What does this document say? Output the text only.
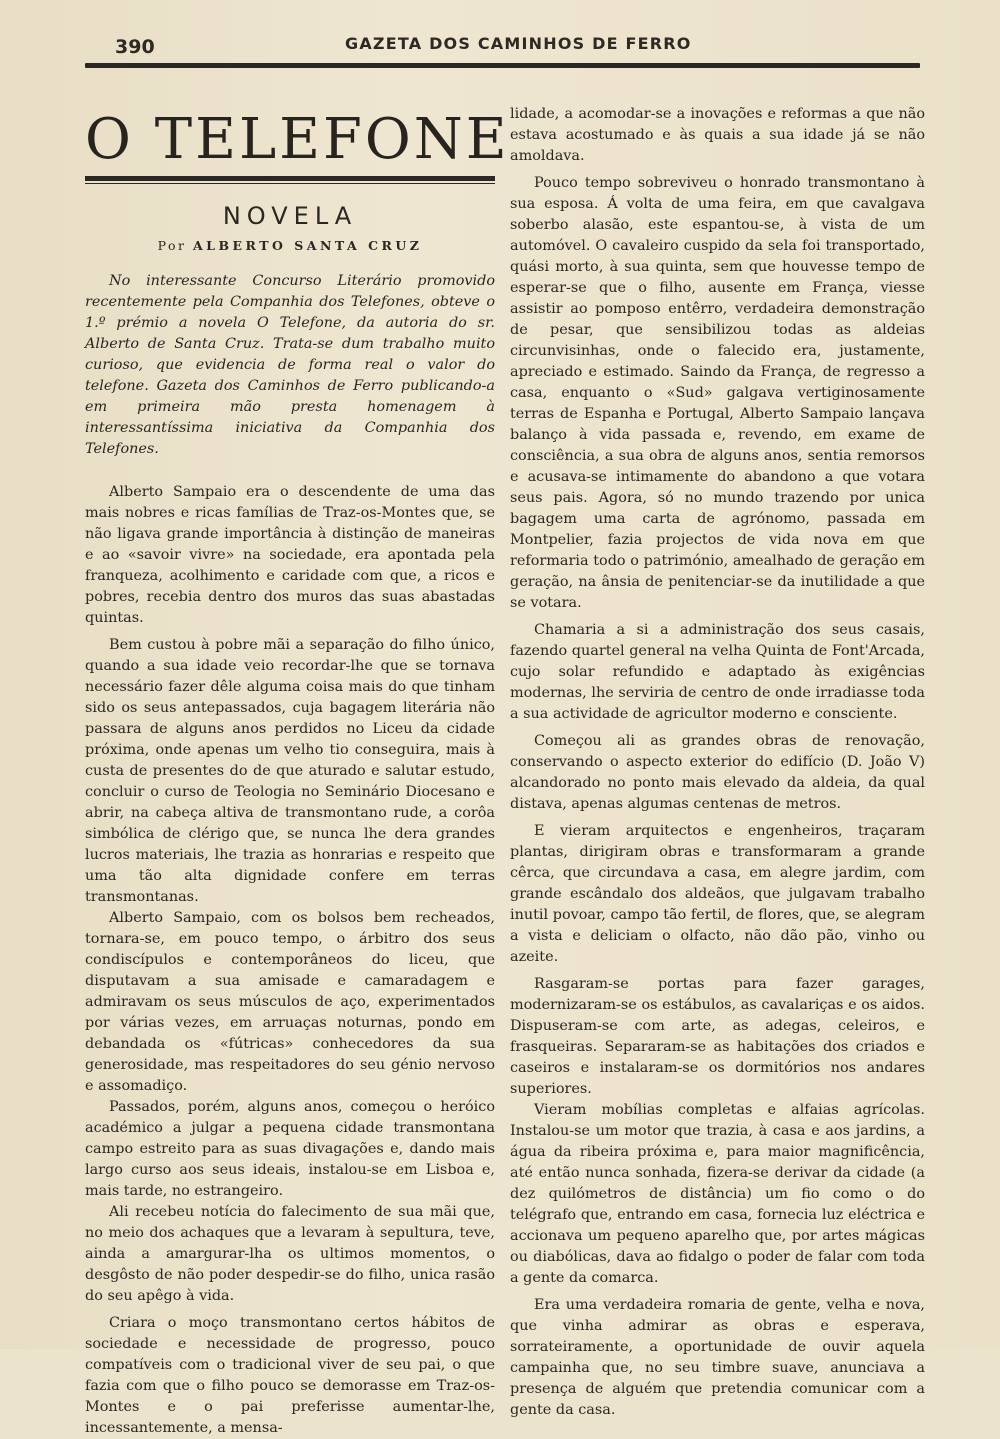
390	GAZETA DOS CAMINHOS DE FERRO
O TELEFONE
NOVELA
Por ALBERTO SANTA CRUZ

No interessante Concurso Literário promovido recentemente pela Companhia dos Telefones, obteve o 1.º prémio a novela O Telefone, da autoria do sr. Alberto de Santa Cruz. Trata-se dum trabalho muito curioso, que evidencia de forma real o valor do telefone. Gazeta dos Caminhos de Ferro publicando-a em primeira mão presta homenagem à interessantíssima iniciativa da Companhia dos Telefones.

Alberto Sampaio era o descendente de uma das mais nobres e ricas famílias de Traz-os-Montes que, se não ligava grande importância à distinção de maneiras e ao «savoir vivre» na sociedade, era apontada pela franqueza, acolhimento e caridade com que, a ricos e pobres, recebia dentro dos muros das suas abastadas quintas.

Bem custou à pobre mãi a separação do filho único, quando a sua idade veio recordar-lhe que se tornava necessário fazer dêle alguma coisa mais do que tinham sido os seus antepassados, cuja bagagem literária não passara de alguns anos perdidos no Liceu da cidade próxima, onde apenas um velho tio conseguira, mais à custa de presentes do de que aturado e salutar estudo, concluir o curso de Teologia no Seminário Diocesano e abrir, na cabeça altiva de transmontano rude, a corôa simbólica de clérigo que, se nunca lhe dera grandes lucros materiais, lhe trazia as honrarias e respeito que uma tão alta dignidade confere em terras transmontanas.

Alberto Sampaio, com os bolsos bem recheados, tornara-se, em pouco tempo, o árbitro dos seus condiscípulos e contemporâneos do liceu, que disputavam a sua amisade e camaradagem e admiravam os seus músculos de aço, experimentados por várias vezes, em arruaças noturnas, pondo em debandada os «fútricas» conhecedores da sua generosidade, mas respeitadores do seu génio nervoso e assomadiço.

Passados, porém, alguns anos, começou o heróico académico a julgar a pequena cidade transmontana campo estreito para as suas divagações e, dando mais largo curso aos seus ideais, instalou-se em Lisboa e, mais tarde, no estrangeiro.

Ali recebeu notícia do falecimento de sua mãi que, no meio dos achaques que a levaram à sepultura, teve, ainda a amargurar-lha os ultimos momentos, o desgôsto de não poder despedir-se do filho, unica rasão do seu apêgo à vida.

Criara o moço transmontano certos hábitos de sociedade e necessidade de progresso, pouco compatíveis com o tradicional viver de seu pai, o que fazia com que o filho pouco se demorasse em Traz-os-Montes e o pai preferisse aumentar-lhe, incessantemente, a mensa-

lidade, a acomodar-se a inovações e reformas a que não estava acostumado e às quais a sua idade já se não amoldava.

Pouco tempo sobreviveu o honrado transmontano à sua esposa. Á volta de uma feira, em que cavalgava soberbo alasão, este espantou-se, à vista de um automóvel. O cavaleiro cuspido da sela foi transportado, quási morto, à sua quinta, sem que houvesse tempo de esperar-se que o filho, ausente em França, viesse assistir ao pomposo entêrro, verdadeira demonstração de pesar, que sensibilizou todas as aldeias circunvisinhas, onde o falecido era, justamente, apreciado e estimado. Saindo da França, de regresso a casa, enquanto o «Sud» galgava vertiginosamente terras de Espanha e Portugal, Alberto Sampaio lançava balanço à vida passada e, revendo, em exame de consciência, a sua obra de alguns anos, sentia remorsos e acusava-se intimamente do abandono a que votara seus pais. Agora, só no mundo trazendo por unica bagagem uma carta de agrónomo, passada em Montpelier, fazia projectos de vida nova em que reformaria todo o património, amealhado de geração em geração, na ânsia de penitenciar-se da inutilidade a que se votara.

Chamaria a si a administração dos seus casais, fazendo quartel general na velha Quinta de Font'Arcada, cujo solar refundido e adaptado às exigências modernas, lhe serviria de centro de onde irradiasse toda a sua actividade de agricultor moderno e consciente.

Começou ali as grandes obras de renovação, conservando o aspecto exterior do edifício (D. João V) alcandorado no ponto mais elevado da aldeia, da qual distava, apenas algumas centenas de metros.

E vieram arquitectos e engenheiros, traçaram plantas, dirigiram obras e transformaram a grande cêrca, que circundava a casa, em alegre jardim, com grande escândalo dos aldeãos, que julgavam trabalho inutil povoar, campo tão fertil, de flores, que, se alegram a vista e deliciam o olfacto, não dão pão, vinho ou azeite.

Rasgaram-se portas para fazer garages, modernizaram-se os estábulos, as cavalariças e os aidos. Dispuseram-se com arte, as adegas, celeiros, e frasqueiras. Separaram-se as habitações dos criados e caseiros e instalaram-se os dormitórios nos andares superiores.

Vieram mobílias completas e alfaias agrícolas. Instalou-se um motor que trazia, à casa e aos jardins, a água da ribeira próxima e, para maior magnificência, até então nunca sonhada, fizera-se derivar da cidade (a dez quilómetros de distância) um fio como o do telégrafo que, entrando em casa, fornecia luz eléctrica e accionava um pequeno aparelho que, por artes mágicas ou diabólicas, dava ao fidalgo o poder de falar com toda a gente da comarca.

Era uma verdadeira romaria de gente, velha e nova, que vinha admirar as obras e esperava, sorrateiramente, a oportunidade de ouvir aquela campainha que, no seu timbre suave, anunciava a presença de alguém que pretendia comunicar com a gente da casa.
